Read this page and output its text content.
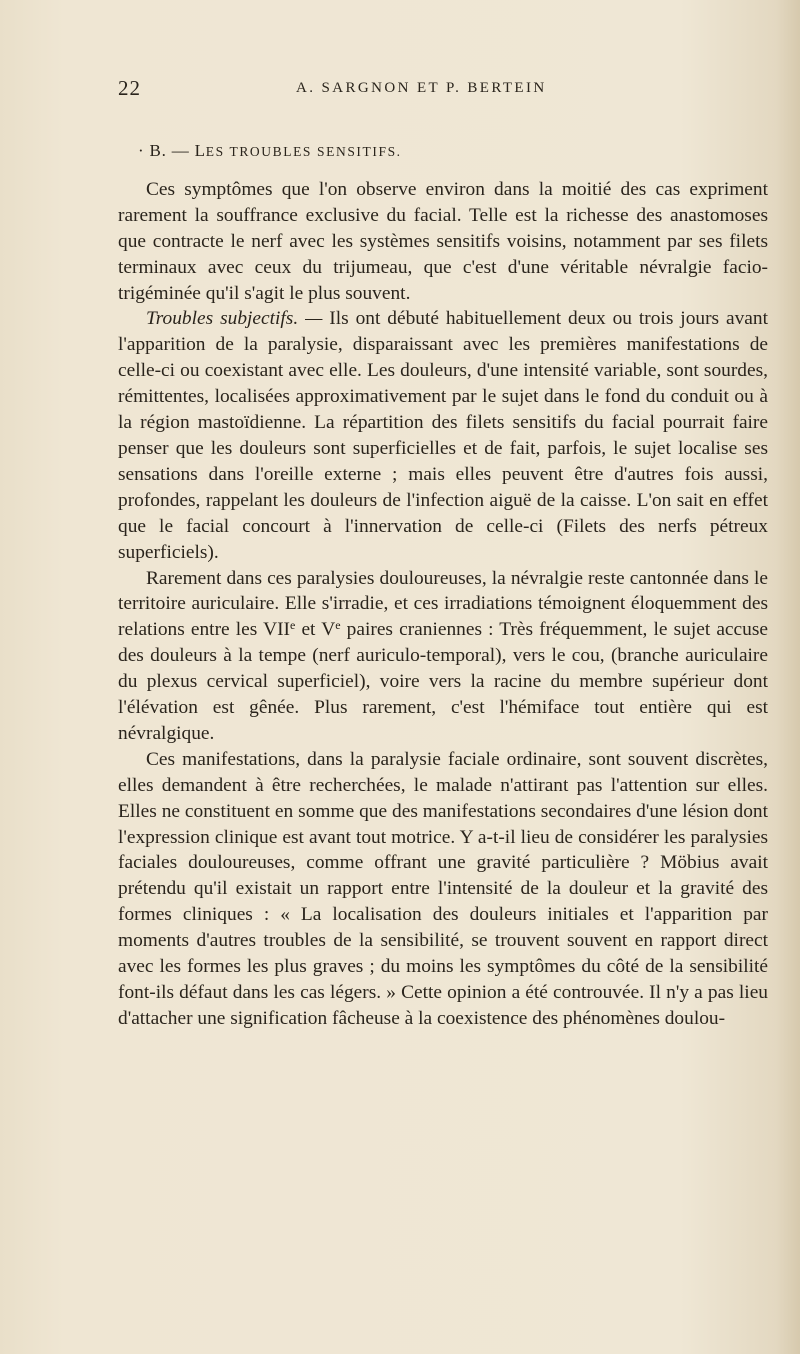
22	A. SARGNON ET P. BERTEIN
· B. — LES TROUBLES SENSITIFS.

Ces symptômes que l'on observe environ dans la moitié des cas expriment rarement la souffrance exclusive du facial. Telle est la richesse des anastomoses que contracte le nerf avec les systèmes sensitifs voisins, notamment par ses filets terminaux avec ceux du trijumeau, que c'est d'une véritable névralgie facio-trigéminée qu'il s'agit le plus souvent.

Troubles subjectifs. — Ils ont débuté habituellement deux ou trois jours avant l'apparition de la paralysie, disparaissant avec les premières manifestations de celle-ci ou coexistant avec elle. Les douleurs, d'une intensité variable, sont sourdes, rémittentes, localisées approximativement par le sujet dans le fond du conduit ou à la région mastoïdienne. La répartition des filets sensitifs du facial pourrait faire penser que les douleurs sont superficielles et de fait, parfois, le sujet localise ses sensations dans l'oreille externe ; mais elles peuvent être d'autres fois aussi, profondes, rappelant les douleurs de l'infection aiguë de la caisse. L'on sait en effet que le facial concourt à l'innervation de celle-ci (Filets des nerfs pétreux superficiels).

Rarement dans ces paralysies douloureuses, la névralgie reste cantonnée dans le territoire auriculaire. Elle s'irradie, et ces irradiations témoignent éloquemment des relations entre les VIIe et Ve paires craniennes : Très fréquemment, le sujet accuse des douleurs à la tempe (nerf auriculo-temporal), vers le cou, (branche auriculaire du plexus cervical superficiel), voire vers la racine du membre supérieur dont l'élévation est gênée. Plus rarement, c'est l'hémiface tout entière qui est névralgique.

Ces manifestations, dans la paralysie faciale ordinaire, sont souvent discrètes, elles demandent à être recherchées, le malade n'attirant pas l'attention sur elles. Elles ne constituent en somme que des manifestations secondaires d'une lésion dont l'expression clinique est avant tout motrice. Y a-t-il lieu de considérer les paralysies faciales douloureuses, comme offrant une gravité particulière ? Möbius avait prétendu qu'il existait un rapport entre l'intensité de la douleur et la gravité des formes cliniques : « La localisation des douleurs initiales et l'apparition par moments d'autres troubles de la sensibilité, se trouvent souvent en rapport direct avec les formes les plus graves ; du moins les symptômes du côté de la sensibilité font-ils défaut dans les cas légers. » Cette opinion a été controuvée. Il n'y a pas lieu d'attacher une signification fâcheuse à la coexistence des phénomènes doulou-
